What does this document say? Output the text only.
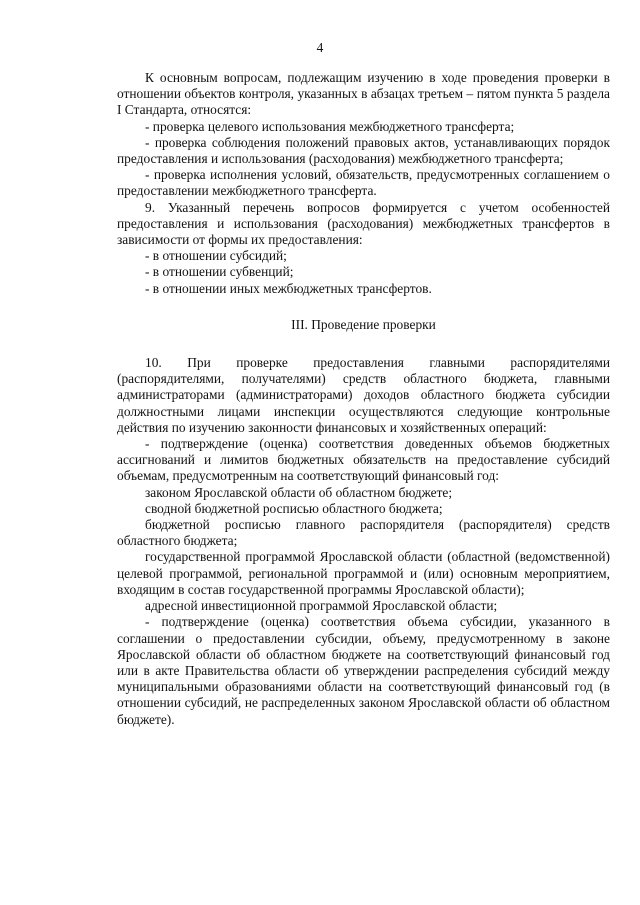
4

К основным вопросам, подлежащим изучению в ходе проведения проверки в отношении объектов контроля, указанных в абзацах третьем – пятом пункта 5 раздела I Стандарта, относятся:

- проверка целевого использования межбюджетного трансферта;

- проверка соблюдения положений правовых актов, устанавливающих порядок предоставления и использования (расходования) межбюджетного трансферта;

- проверка исполнения условий, обязательств, предусмотренных соглашением о предоставлении межбюджетного трансферта.

9. Указанный перечень вопросов формируется с учетом особенностей предоставления и использования (расходования) межбюджетных трансфертов в зависимости от формы их предоставления:

- в отношении субсидий;

- в отношении субвенций;

- в отношении иных межбюджетных трансфертов.

III. Проведение проверки

10. При проверке предоставления главными распорядителями (распорядителями, получателями) средств областного бюджета, главными администраторами (администраторами) доходов областного бюджета субсидии должностными лицами инспекции осуществляются следующие контрольные действия по изучению законности финансовых и хозяйственных операций:

- подтверждение (оценка) соответствия доведенных объемов бюджетных ассигнований и лимитов бюджетных обязательств на предоставление субсидий объемам, предусмотренным на соответствующий финансовый год:

законом Ярославской области об областном бюджете;

сводной бюджетной росписью областного бюджета;

бюджетной росписью главного распорядителя (распорядителя) средств областного бюджета;

государственной программой Ярославской области (областной (ведомственной) целевой программой, региональной программой и (или) основным мероприятием, входящим в состав государственной программы Ярославской области);

адресной инвестиционной программой Ярославской области;

- подтверждение (оценка) соответствия объема субсидии, указанного в соглашении о предоставлении субсидии, объему, предусмотренному в законе Ярославской области об областном бюджете на соответствующий финансовый год или в акте Правительства области об утверждении распределения субсидий между муниципальными образованиями области на соответствующий финансовый год (в отношении субсидий, не распределенных законом Ярославской области об областном бюджете).
